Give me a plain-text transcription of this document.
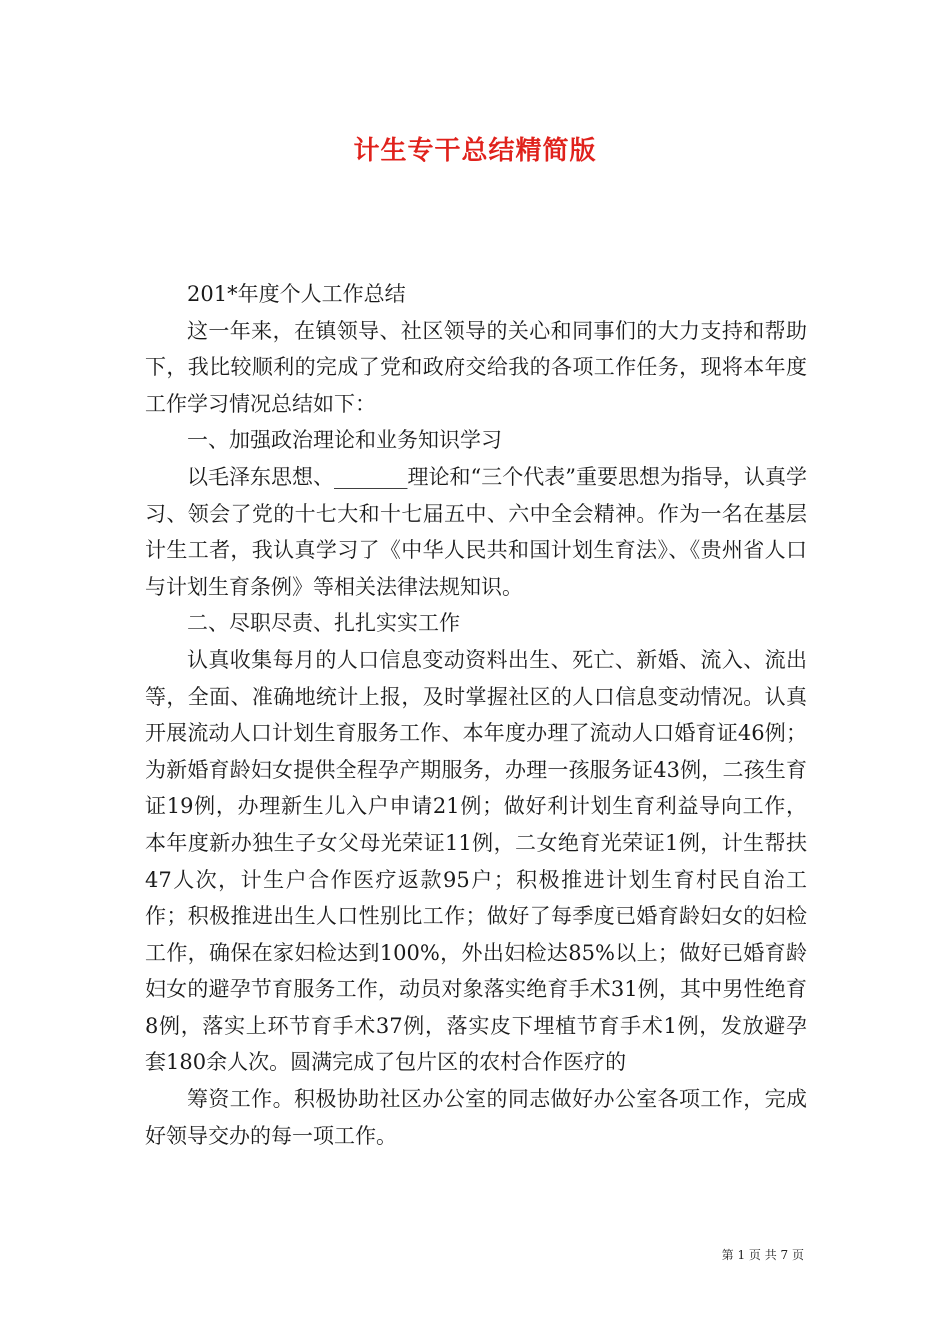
计生专干总结精简版

201*年度个人工作总结

这一年来，在镇领导、社区领导的关心和同事们的大力支持和帮助下，我比较顺利的完成了党和政府交给我的各项工作任务，现将本年度工作学习情况总结如下：

一、加强政治理论和业务知识学习

以毛泽东思想、_______理论和“三个代表”重要思想为指导，认真学习、领会了党的十七大和十七届五中、六中全会精神。作为一名在基层计生工者，我认真学习了《中华人民共和国计划生育法》、《贵州省人口与计划生育条例》等相关法律法规知识。

二、尽职尽责、扎扎实实工作

认真收集每月的人口信息变动资料出生、死亡、新婚、流入、流出等，全面、准确地统计上报，及时掌握社区的人口信息变动情况。认真开展流动人口计划生育服务工作、本年度办理了流动人口婚育证46例；为新婚育龄妇女提供全程孕产期服务，办理一孩服务证43例，二孩生育证19例，办理新生儿入户申请21例；做好利计划生育利益导向工作，本年度新办独生子女父母光荣证11例，二女绝育光荣证1例，计生帮扶47人次，计生户合作医疗返款95户；积极推进计划生育村民自治工作；积极推进出生人口性别比工作；做好了每季度已婚育龄妇女的妇检工作，确保在家妇检达到100%，外出妇检达85%以上；做好已婚育龄妇女的避孕节育服务工作，动员对象落实绝育手术31例，其中男性绝育8例，落实上环节育手术37例，落实皮下埋植节育手术1例，发放避孕套180余人次。圆满完成了包片区的农村合作医疗的

筹资工作。积极协助社区办公室的同志做好办公室各项工作，完成好领导交办的每一项工作。

第 1 页 共 7 页
